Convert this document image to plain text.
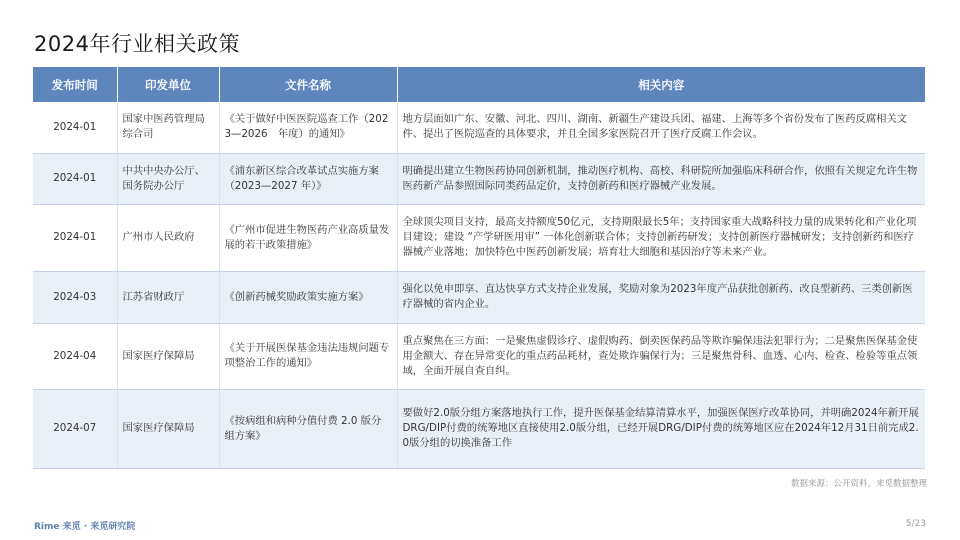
2024年行业相关政策
发布时间	印发单位	文件名称	相关内容
2024-01	国家中医药管理局综合司	《关于做好中医医院巡查工作（2023—2026　年度）的通知》	地方层面如广东、安徽、河北、四川、湖南、新疆生产建设兵团、福建、上海等多个省份发布了医药反腐相关文件、提出了医院巡查的具体要求，并且全国多家医院召开了医疗反腐工作会议。
2024-01	中共中央办公厅、国务院办公厅	《浦东新区综合改革试点实施方案（2023—2027 年）》	明确提出建立生物医药协同创新机制，推动医疗机构、高校、科研院所加强临床科研合作，依照有关规定允许生物医药新产品参照国际同类药品定价，支持创新药和医疗器械产业发展。
2024-01	广州市人民政府	《广州市促进生物医药产业高质量发展的若干政策措施》	全球顶尖项目支持，最高支持额度50亿元，支持期限最长5年；支持国家重大战略科技力量的成果转化和产业化项目建设；建设 “产学研医用审” 一体化创新联合体；支持创新药研发；支持创新医疗器械研发；支持创新药和医疗器械产业落地；加快特色中医药创新发展；培育壮大细胞和基因治疗等未来产业。
2024-03	江苏省财政厅	《创新药械奖励政策实施方案》	强化以免申即享、直达快享方式支持企业发展，奖励对象为2023年度产品获批创新药、改良型新药、三类创新医疗器械的省内企业。
2024-04	国家医疗保障局	《关于开展医保基金违法违规问题专项整治工作的通知》	重点聚焦在三方面：一是聚焦虚假诊疗、虚假购药、倒卖医保药品等欺诈骗保违法犯罪行为；二是聚焦医保基金使用金额大、存在异常变化的重点药品耗材，查处欺诈骗保行为；三是聚焦骨科、血透、心内、检查、检验等重点领域，全面开展自查自纠。
2024-07	国家医疗保障局	《按病组和病种分值付费 2.0 版分组方案》	要做好2.0版分组方案落地执行工作，提升医保基金结算清算水平，加强医保医疗改革协同，并明确2024年新开展DRG/DIP付费的统筹地区直接使用2.0版分组，已经开展DRG/DIP付费的统筹地区应在2024年12月31日前完成2.0版分组的切换准备工作
数据来源：公开资料，来觅数据整理
Rime 来觅 · 来觅研究院	5/23
